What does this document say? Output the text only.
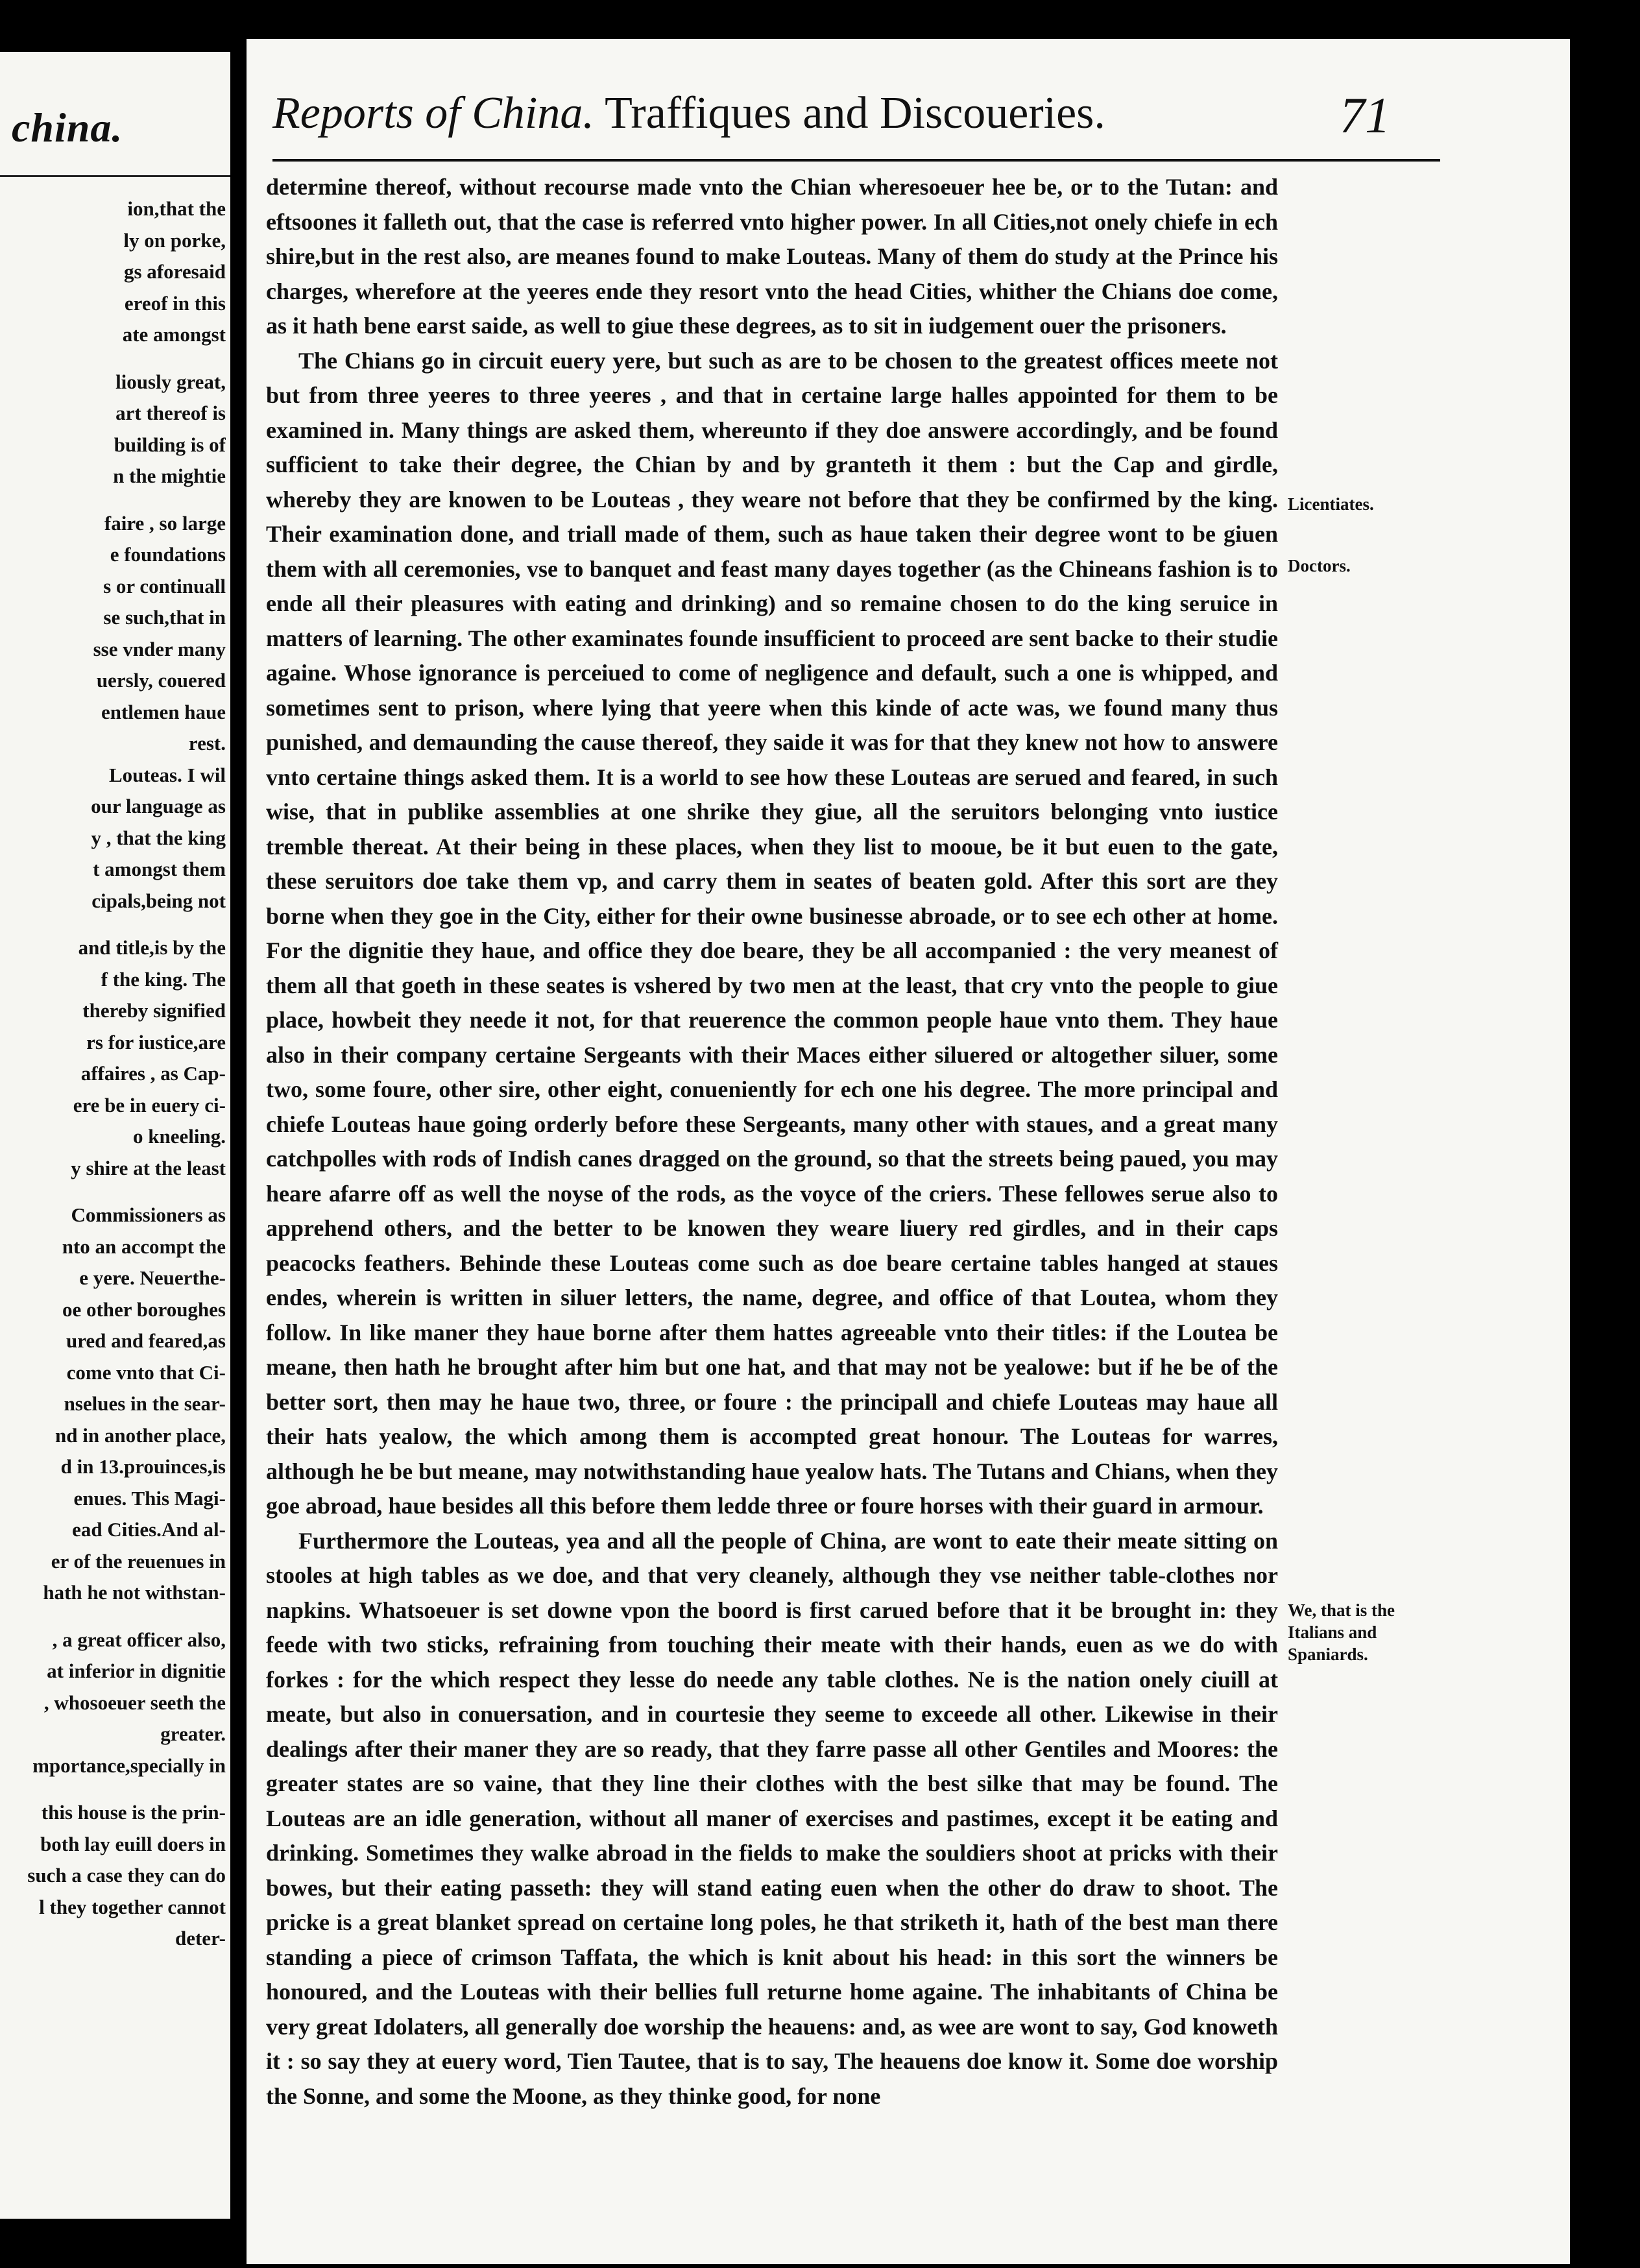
china.
ion,that the
ly on porke,
gs aforesaid
ereof in this
ate amongst
liously great,
art thereof is
building is of
n the mightie
faire , so large
e foundations
s or continuall
se such,that in
sse vnder many
uersly, couered
entlemen haue
rest.
Louteas. I wil
our language as
y , that the king
t amongst them
cipals,being not
and title,is by the
f the king. The
thereby signified
rs for iustice,are
affaires , as Cap-
ere be in euery ci-
o kneeling.
y shire at the least
Commissioners as
nto an accompt the
e yere. Neuerthe-
oe other boroughes
ured and feared,as
come vnto that Ci-
nselues in the sear-
nd in another place,
d in 13.prouinces,is
enues. This Magi-
ead Cities.And al-
er of the reuenues in
hath he not withstan-
, a great officer also,
at inferior in dignitie
, whosoeuer seeth the
greater.
mportance,specially in
this house is the prin-
both lay euill doers in
such a case they can do
l they together cannot
deter-
Reports of China. Traffiques and Discoueries.	71

determine thereof, without recourse made vnto the Chian wheresoeuer hee be, or to the Tutan: and eftsoones it falleth out, that the case is referred vnto higher power. In all Cities,not onely chiefe in ech shire,but in the rest also, are meanes found to make Louteas. Many of them do study at the Prince his charges, wherefore at the yeeres ende they resort vnto the head Cities, whither the Chians doe come, as it hath bene earst saide, as well to giue these degrees, as to sit in iudgement ouer the prisoners.

The Chians go in circuit euery yere, but such as are to be chosen to the greatest offices meete not but from three yeeres to three yeeres , and that in certaine large halles appointed for them to be examined in. Many things are asked them, whereunto if they doe answere accordingly, and be found sufficient to take their degree, the Chian by and by granteth it them : but the Cap and girdle, whereby they are knowen to be Louteas , they weare not before that they be confirmed by the king. Their examination done, and triall made of them, such as haue taken their degree wont to be giuen them with all ceremonies, vse to banquet and feast many dayes together (as the Chineans fashion is to ende all their pleasures with eating and drinking) and so remaine chosen to do the king seruice in matters of learning. The other examinates founde insufficient to proceed are sent backe to their studie againe. Whose ignorance is perceiued to come of negligence and default, such a one is whipped, and sometimes sent to prison, where lying that yeere when this kinde of acte was, we found many thus punished, and demaunding the cause thereof, they saide it was for that they knew not how to answere vnto certaine things asked them. It is a world to see how these Louteas are serued and feared, in such wise, that in publike assemblies at one shrike they giue, all the seruitors belonging vnto iustice tremble thereat. At their being in these places, when they list to mooue, be it but euen to the gate, these seruitors doe take them vp, and carry them in seates of beaten gold. After this sort are they borne when they goe in the City, either for their owne businesse abroade, or to see ech other at home. For the dignitie they haue, and office they doe beare, they be all accompanied : the very meanest of them all that goeth in these seates is vshered by two men at the least, that cry vnto the people to giue place, howbeit they neede it not, for that reuerence the common people haue vnto them. They haue also in their company certaine Sergeants with their Maces either siluered or altogether siluer, some two, some foure, other sire, other eight, conueniently for ech one his degree. The more principal and chiefe Louteas haue going orderly before these Sergeants, many other with staues, and a great many catchpolles with rods of Indish canes dragged on the ground, so that the streets being paued, you may heare afarre off as well the noyse of the rods, as the voyce of the criers. These fellowes serue also to apprehend others, and the better to be knowen they weare liuery red girdles, and in their caps peacocks feathers. Behinde these Louteas come such as doe beare certaine tables hanged at staues endes, wherein is written in siluer letters, the name, degree, and office of that Loutea, whom they follow. In like maner they haue borne after them hattes agreeable vnto their titles: if the Loutea be meane, then hath he brought after him but one hat, and that may not be yealowe: but if he be of the better sort, then may he haue two, three, or foure : the principall and chiefe Louteas may haue all their hats yealow, the which among them is accompted great honour. The Louteas for warres, although he be but meane, may notwithstanding haue yealow hats. The Tutans and Chians, when they goe abroad, haue besides all this before them ledde three or foure horses with their guard in armour.

Furthermore the Louteas, yea and all the people of China, are wont to eate their meate sitting on stooles at high tables as we doe, and that very cleanely, although they vse neither table-clothes nor napkins. Whatsoeuer is set downe vpon the boord is first carued before that it be brought in: they feede with two sticks, refraining from touching their meate with their hands, euen as we do with forkes : for the which respect they lesse do neede any table clothes. Ne is the nation onely ciuill at meate, but also in conuersation, and in courtesie they seeme to exceede all other. Likewise in their dealings after their maner they are so ready, that they farre passe all other Gentiles and Moores: the greater states are so vaine, that they line their clothes with the best silke that may be found. The Louteas are an idle generation, without all maner of exercises and pastimes, except it be eating and drinking. Sometimes they walke abroad in the fields to make the souldiers shoot at pricks with their bowes, but their eating passeth: they will stand eating euen when the other do draw to shoot. The pricke is a great blanket spread on certaine long poles, he that striketh it, hath of the best man there standing a piece of crimson Taffata, the which is knit about his head: in this sort the winners be honoured, and the Louteas with their bellies full returne home againe. The inhabitants of China be very great Idolaters, all generally doe worship the heauens: and, as wee are wont to say, God knoweth it : so say they at euery word, Tien Tautee, that is to say, The heauens doe know it. Some doe worship the Sonne, and some the Moone, as they thinke good, for none

Licentiates.
Doctors.
We, that is the Italians and Spaniards.
